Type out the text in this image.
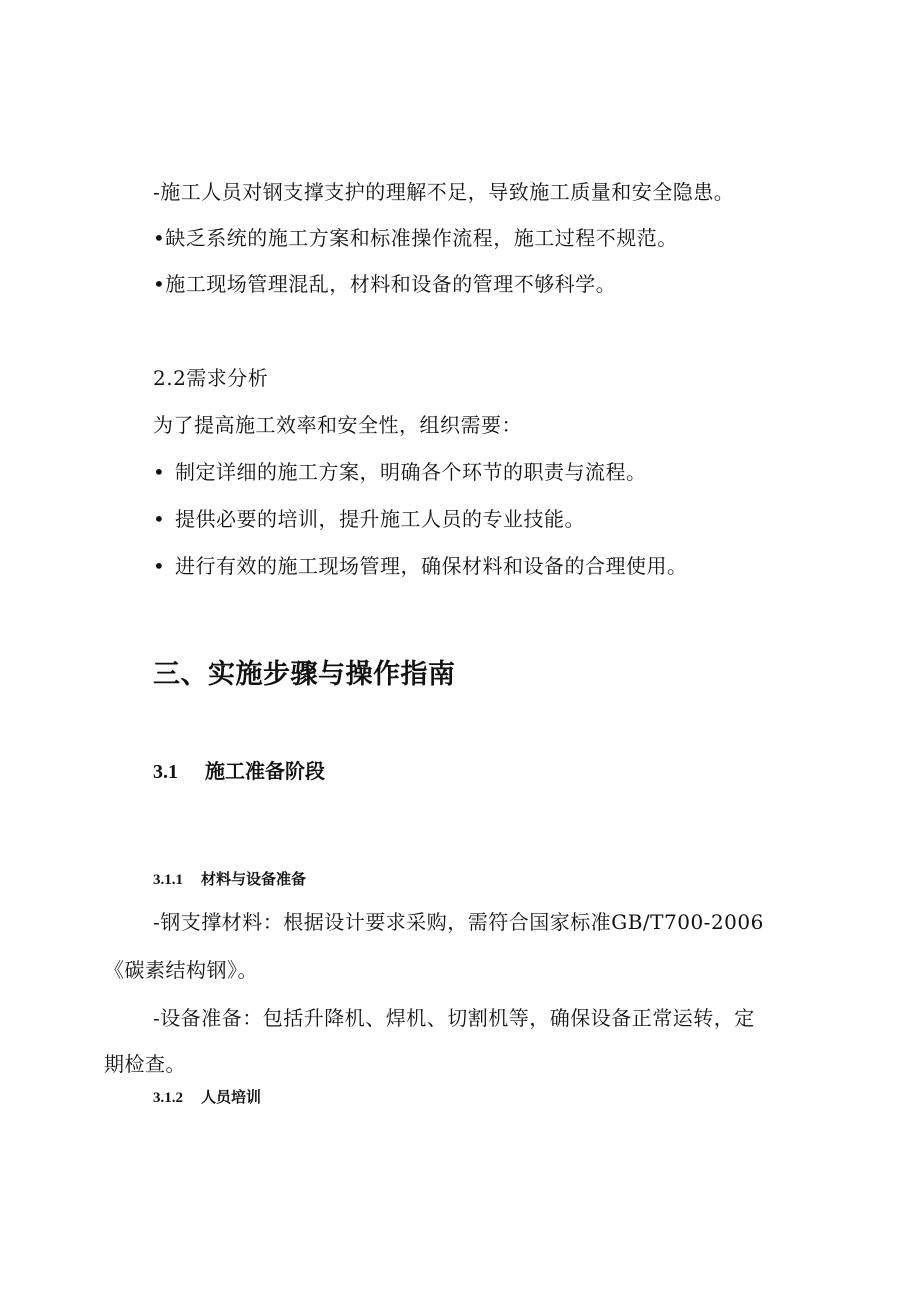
-施工人员对钢支撑支护的理解不足，导致施工质量和安全隐患。

•缺乏系统的施工方案和标准操作流程，施工过程不规范。

•施工现场管理混乱，材料和设备的管理不够科学。

2.2需求分析

为了提高施工效率和安全性，组织需要：

• 制定详细的施工方案，明确各个环节的职责与流程。

• 提供必要的培训，提升施工人员的专业技能。

• 进行有效的施工现场管理，确保材料和设备的合理使用。

三、实施步骤与操作指南
3.1 施工准备阶段
3.1.1 材料与设备准备

-钢支撑材料：根据设计要求采购，需符合国家标准GB/T700-2006

《碳素结构钢》。

-设备准备：包括升降机、焊机、切割机等，确保设备正常运转，定

期检查。

3.1.2 人员培训
